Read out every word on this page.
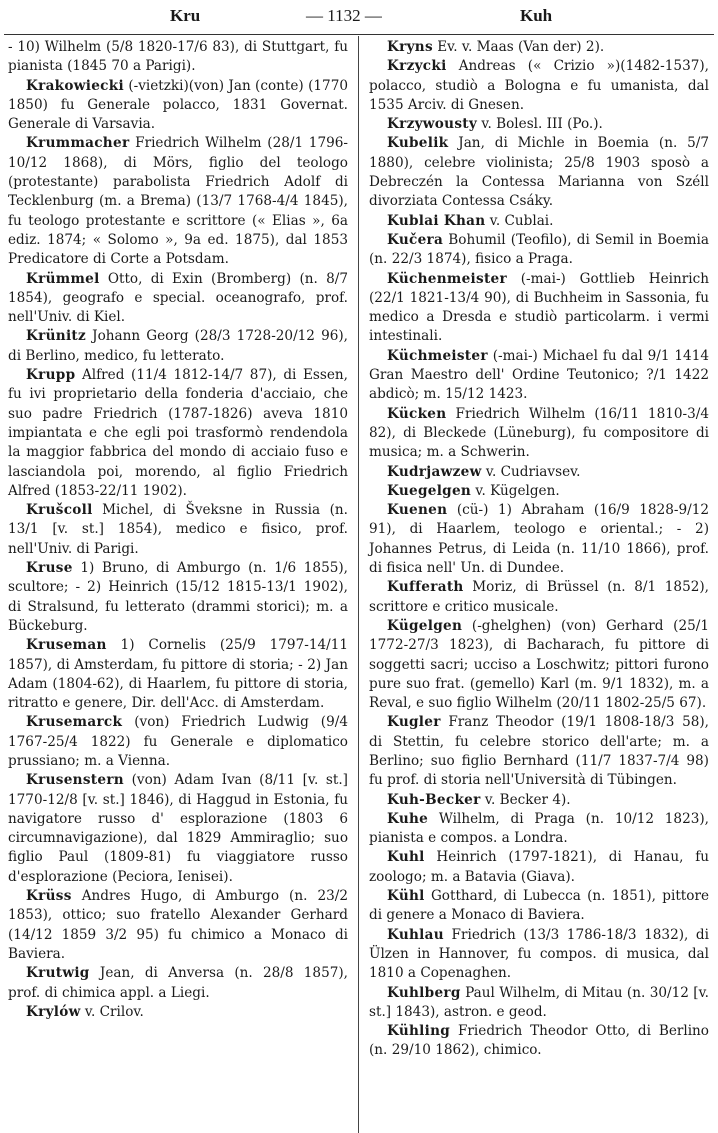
Kru	— 1132 —	Kuh

- 10) Wilhelm (5/8 1820-17/6 83), di Stuttgart, fu pianista (1845 70 a Parigi).

Krakowiecki (-vietzki)(von) Jan (conte) (1770 1850) fu Generale polacco, 1831 Governat. Generale di Varsavia.

Krummacher Friedrich Wilhelm (28/1 1796-10/12 1868), di Mörs, figlio del teologo (protestante) parabolista Friedrich Adolf di Tecklenburg (m. a Brema) (13/7 1768-4/4 1845), fu teologo protestante e scrittore (« Elias », 6a ediz. 1874; « Solomo », 9a ed. 1875), dal 1853 Predicatore di Corte a Potsdam.

Krümmel Otto, di Exin (Bromberg) (n. 8/7 1854), geografo e special. oceanografo, prof. nell'Univ. di Kiel.

Krünitz Johann Georg (28/3 1728-20/12 96), di Berlino, medico, fu letterato.

Krupp Alfred (11/4 1812-14/7 87), di Essen, fu ivi proprietario della fonderia d'acciaio, che suo padre Friedrich (1787-1826) aveva 1810 impiantata e che egli poi trasformò rendendola la maggior fabbrica del mondo di acciaio fuso e lasciandola poi, morendo, al figlio Friedrich Alfred (1853-22/11 1902).

Krušcoll Michel, di Šveksne in Russia (n. 13/1 [v. st.] 1854), medico e fisico, prof. nell'Univ. di Parigi.

Kruse 1) Bruno, di Amburgo (n. 1/6 1855), scultore; - 2) Heinrich (15/12 1815-13/1 1902), di Stralsund, fu letterato (drammi storici); m. a Bückeburg.

Kruseman 1) Cornelis (25/9 1797-14/11 1857), di Amsterdam, fu pittore di storia; - 2) Jan Adam (1804-62), di Haarlem, fu pittore di storia, ritratto e genere, Dir. dell'Acc. di Amsterdam.

Krusemarck (von) Friedrich Ludwig (9/4 1767-25/4 1822) fu Generale e diplomatico prussiano; m. a Vienna.

Krusenstern (von) Adam Ivan (8/11 [v. st.] 1770-12/8 [v. st.] 1846), di Haggud in Estonia, fu navigatore russo d' esplorazione (1803 6 circumnavigazione), dal 1829 Ammiraglio; suo figlio Paul (1809-81) fu viaggiatore russo d'esplorazione (Peciora, Ienisei).

Krüss Andres Hugo, di Amburgo (n. 23/2 1853), ottico; suo fratello Alexander Gerhard (14/12 1859 3/2 95) fu chimico a Monaco di Baviera.

Krutwig Jean, di Anversa (n. 28/8 1857), prof. di chimica appl. a Liegi.

Krylów v. Crilov.

Kryns Ev. v. Maas (Van der) 2).

Krzycki Andreas (« Crizio »)(1482-1537), polacco, studiò a Bologna e fu umanista, dal 1535 Arciv. di Gnesen.

Krzywousty v. Bolesl. III (Po.).

Kubelik Jan, di Michle in Boemia (n. 5/7 1880), celebre violinista; 25/8 1903 sposò a Debreczén la Contessa Marianna von Széll divorziata Contessa Csáky.

Kublai Khan v. Cublai.

Kučera Bohumil (Teofilo), di Semil in Boemia (n. 22/3 1874), fisico a Praga.

Küchenmeister (-mai-) Gottlieb Heinrich (22/1 1821-13/4 90), di Buchheim in Sassonia, fu medico a Dresda e studiò particolarm. i vermi intestinali.

Küchmeister (-mai-) Michael fu dal 9/1 1414 Gran Maestro dell' Ordine Teutonico; ?/1 1422 abdicò; m. 15/12 1423.

Kücken Friedrich Wilhelm (16/11 1810-3/4 82), di Bleckede (Lüneburg), fu compositore di musica; m. a Schwerin.

Kudrjawzew v. Cudriavsev.

Kuegelgen v. Kügelgen.

Kuenen (cü-) 1) Abraham (16/9 1828-9/12 91), di Haarlem, teologo e oriental.; - 2) Johannes Petrus, di Leida (n. 11/10 1866), prof. di fisica nell' Un. di Dundee.

Kufferath Moriz, di Brüssel (n. 8/1 1852), scrittore e critico musicale.

Kügelgen (-ghelghen) (von) Gerhard (25/1 1772-27/3 1823), di Bacharach, fu pittore di soggetti sacri; ucciso a Loschwitz; pittori furono pure suo frat. (gemello) Karl (m. 9/1 1832), m. a Reval, e suo figlio Wilhelm (20/11 1802-25/5 67).

Kugler Franz Theodor (19/1 1808-18/3 58), di Stettin, fu celebre storico dell'arte; m. a Berlino; suo figlio Bernhard (11/7 1837-7/4 98) fu prof. di storia nell'Università di Tübingen.

Kuh-Becker v. Becker 4).

Kuhe Wilhelm, di Praga (n. 10/12 1823), pianista e compos. a Londra.

Kuhl Heinrich (1797-1821), di Hanau, fu zoologo; m. a Batavia (Giava).

Kühl Gotthard, di Lubecca (n. 1851), pittore di genere a Monaco di Baviera.

Kuhlau Friedrich (13/3 1786-18/3 1832), di Ülzen in Hannover, fu compos. di musica, dal 1810 a Copenaghen.

Kuhlberg Paul Wilhelm, di Mitau (n. 30/12 [v. st.] 1843), astron. e geod.

Kühling Friedrich Theodor Otto, di Berlino (n. 29/10 1862), chimico.
